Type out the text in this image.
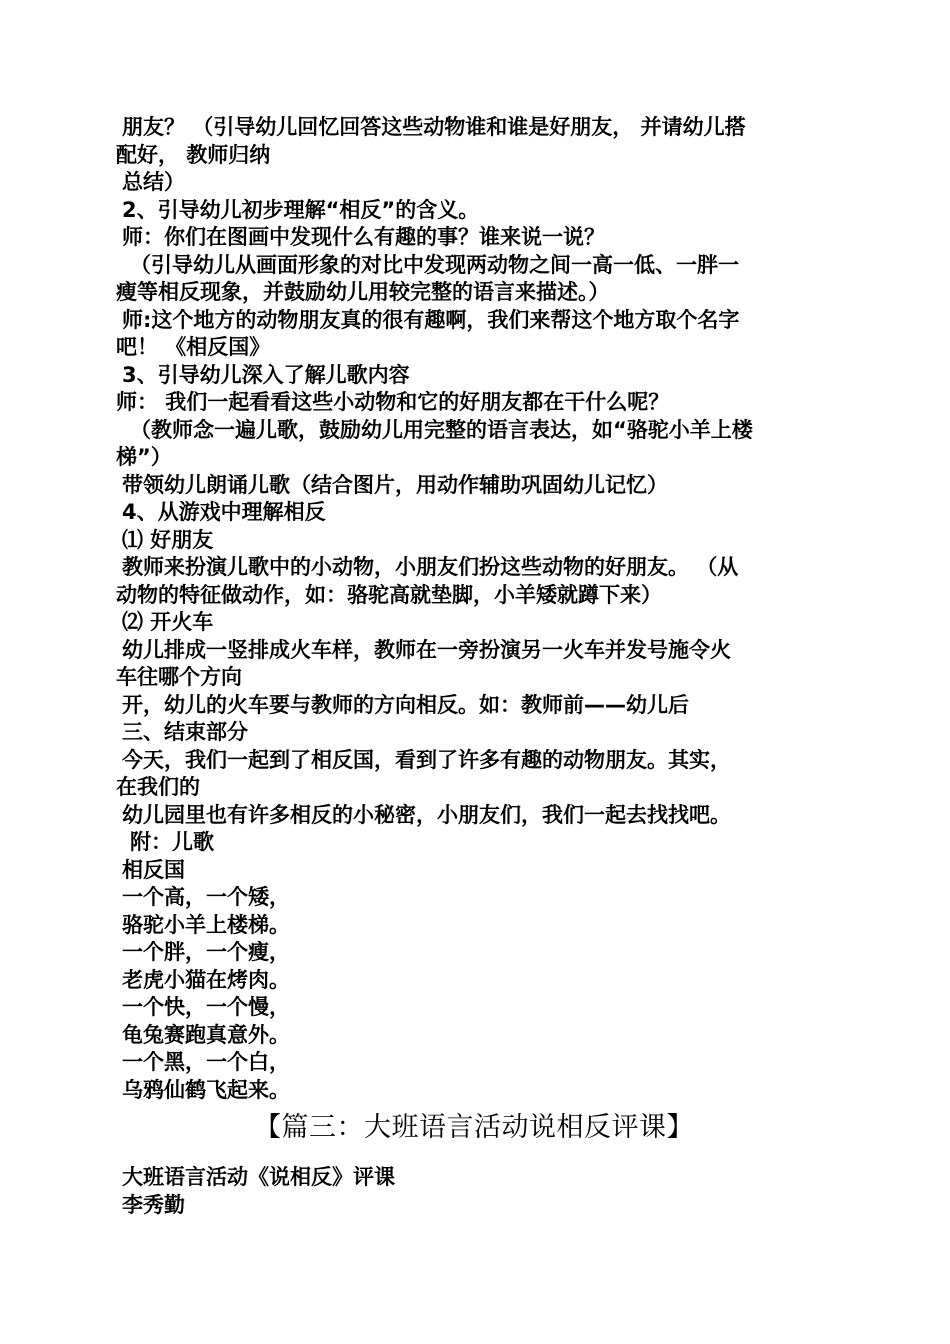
朋友？ （引导幼儿回忆回答这些动物谁和谁是好朋友， 并请幼儿搭

配好， 教师归纳

总结）

2、引导幼儿初步理解“相反”的含义。

师：你们在图画中发现什么有趣的事？谁来说一说？

（引导幼儿从画面形象的对比中发现两动物之间一高一低、一胖一

瘦等相反现象，并鼓励幼儿用较完整的语言来描述。）

师:这个地方的动物朋友真的很有趣啊，我们来帮这个地方取个名字

吧！ 《相反国》

3、引导幼儿深入了解儿歌内容

师： 我们一起看看这些小动物和它的好朋友都在干什么呢？

（教师念一遍儿歌，鼓励幼儿用完整的语言表达，如“骆驼小羊上楼

梯”）

带领幼儿朗诵儿歌（结合图片，用动作辅助巩固幼儿记忆）

4、从游戏中理解相反

⑴ 好朋友

教师来扮演儿歌中的小动物，小朋友们扮这些动物的好朋友。 （从

动物的特征做动作，如：骆驼高就垫脚，小羊矮就蹲下来）

⑵ 开火车

幼儿排成一竖排成火车样，教师在一旁扮演另一火车并发号施令火

车往哪个方向

开，幼儿的火车要与教师的方向相反。如：教师前——幼儿后

三、结束部分

今天，我们一起到了相反国，看到了许多有趣的动物朋友。其实，

在我们的

幼儿园里也有许多相反的小秘密，小朋友们，我们一起去找找吧。

附：儿歌

相反国

一个高，一个矮，

骆驼小羊上楼梯。

一个胖，一个瘦，

老虎小猫在烤肉。

一个快，一个慢，

龟兔赛跑真意外。

一个黑，一个白，

乌鸦仙鹤飞起来。

【篇三：大班语言活动说相反评课】

大班语言活动《说相反》评课

李秀勤
